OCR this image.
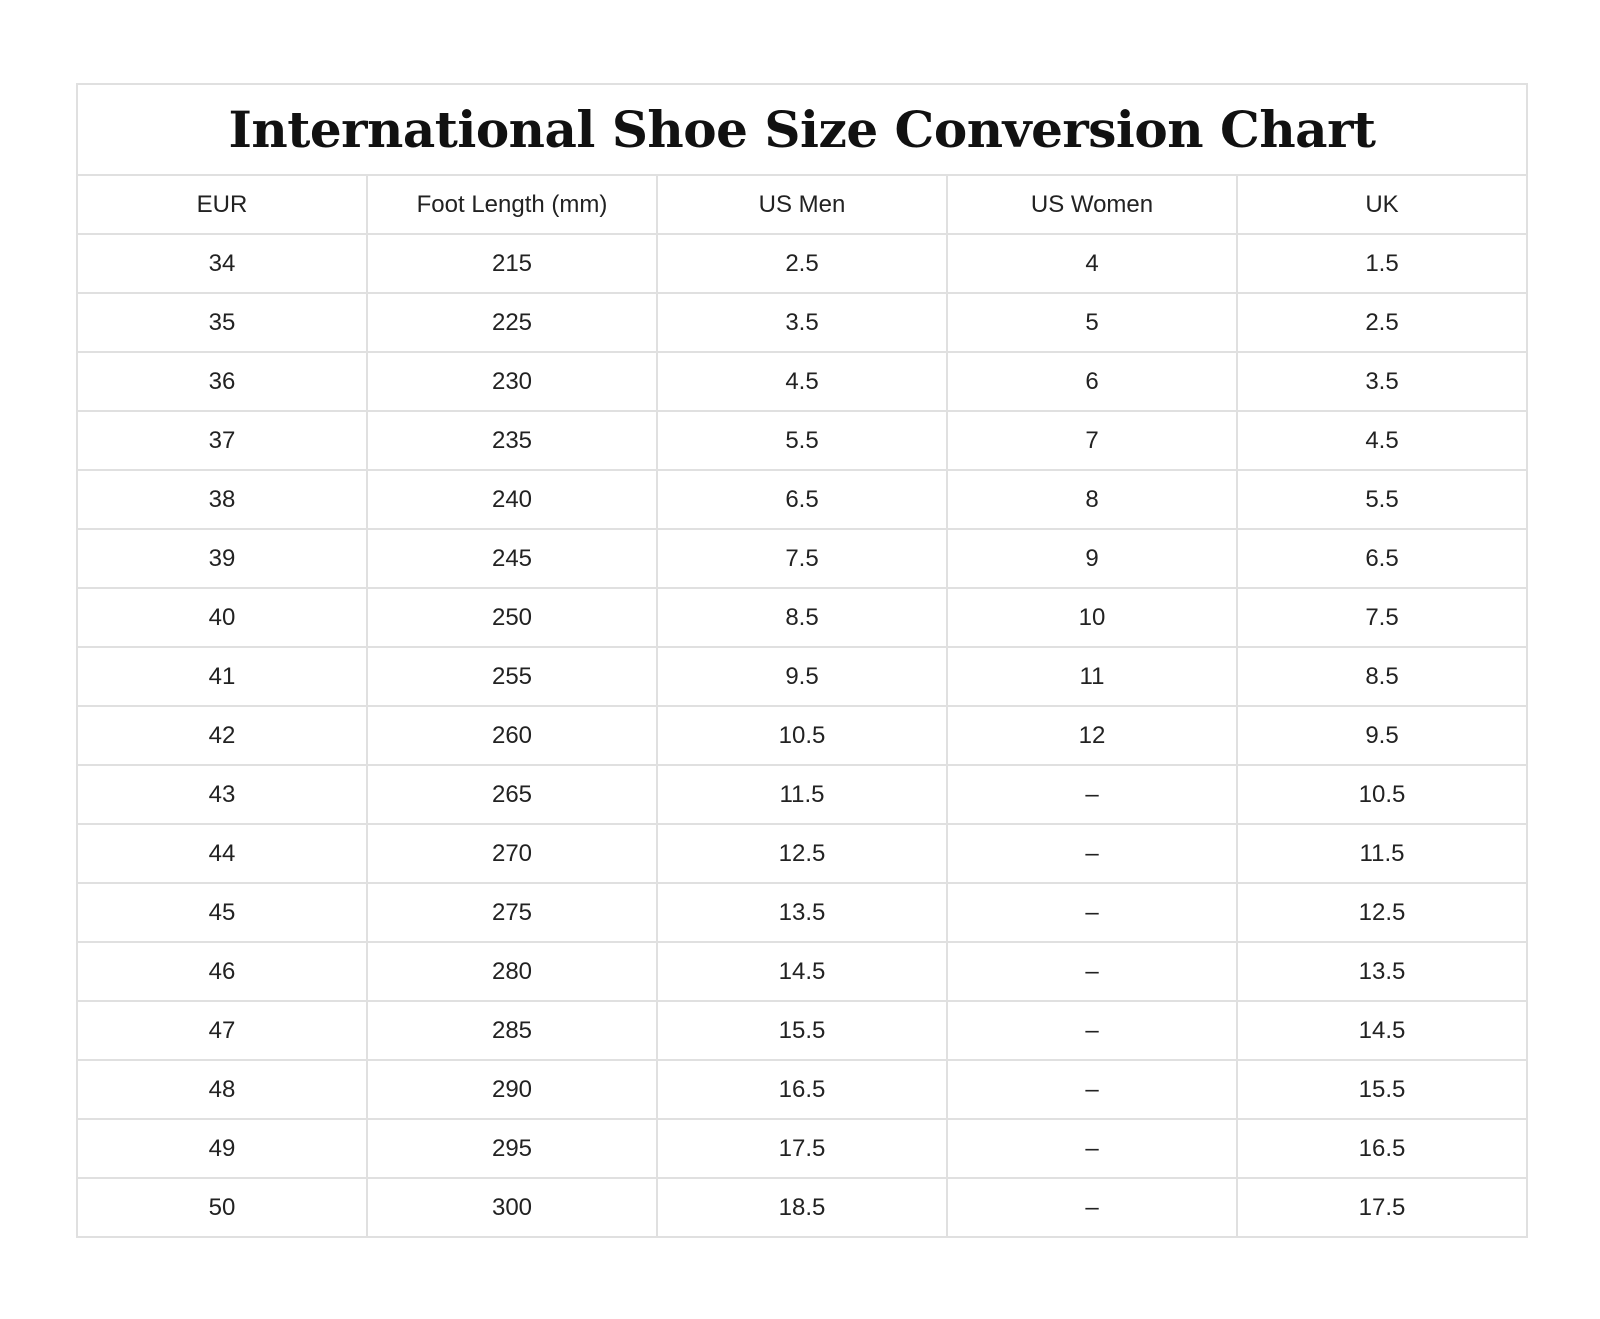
International Shoe Size Conversion Chart				
EUR	Foot Length (mm)	US Men	US Women	UK
34	215	2.5	4	1.5
35	225	3.5	5	2.5
36	230	4.5	6	3.5
37	235	5.5	7	4.5
38	240	6.5	8	5.5
39	245	7.5	9	6.5
40	250	8.5	10	7.5
41	255	9.5	11	8.5
42	260	10.5	12	9.5
43	265	11.5	–	10.5
44	270	12.5	–	11.5
45	275	13.5	–	12.5
46	280	14.5	–	13.5
47	285	15.5	–	14.5
48	290	16.5	–	15.5
49	295	17.5	–	16.5
50	300	18.5	–	17.5
